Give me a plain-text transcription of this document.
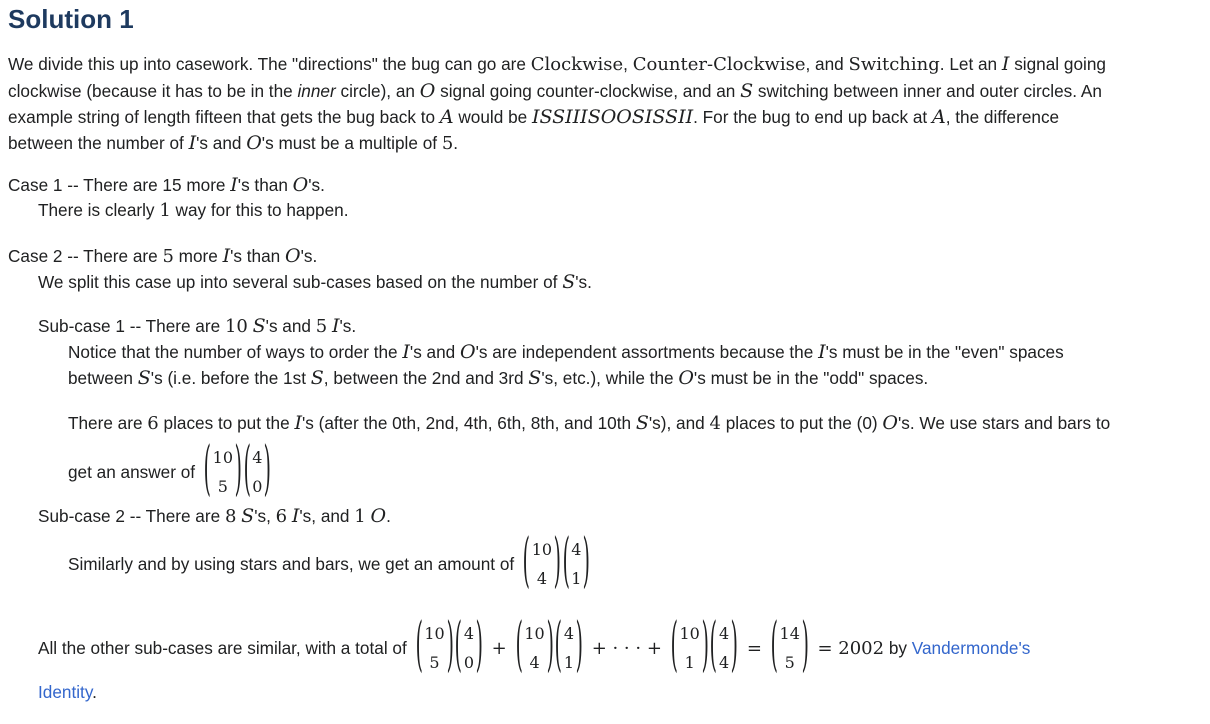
Solution 1
We divide this up into casework. The "directions" the bug can go are Clockwise, Counter-Clockwise, and Switching. Let an I signal going
clockwise (because it has to be in the inner circle), an O signal going counter-clockwise, and an S switching between inner and outer circles. An
example string of length fifteen that gets the bug back to A would be ISSIIISOOSISSII. For the bug to end up back at A, the difference
between the number of I's and O's must be a multiple of 5.
Case 1 -- There are 15 more I's than O's.
There is clearly 1 way for this to happen.
Case 2 -- There are 5 more I's than O's.
We split this case up into several sub-cases based on the number of S's.
Sub-case 1 -- There are 10 S's and 5 I's.
Notice that the number of ways to order the I's and O's are independent assortments because the I's must be in the "even" spaces
between S's (i.e. before the 1st S, between the 2nd and 3rd S's, etc.), while the O's must be in the "odd" spaces.
There are 6 places to put the I's (after the 0th, 2nd, 4th, 6th, 8th, and 10th S's), and 4 places to put the (0) O's. We use stars and bars to
get an answer of ( 10
5 ) ( 4
0 )
Sub-case 2 -- There are 8 S's, 6 I's, and 1 O.
Similarly and by using stars and bars, we get an amount of ( 10
4 ) ( 4
1 )
All the other sub-cases are similar, with a total of ( 10
5 ) ( 4
0 ) + ( 10
4 ) ( 4
1 ) + · · · + ( 10
1 ) ( 4
4 ) = ( 14
5 ) = 2002 by Vandermonde's
Identity.
